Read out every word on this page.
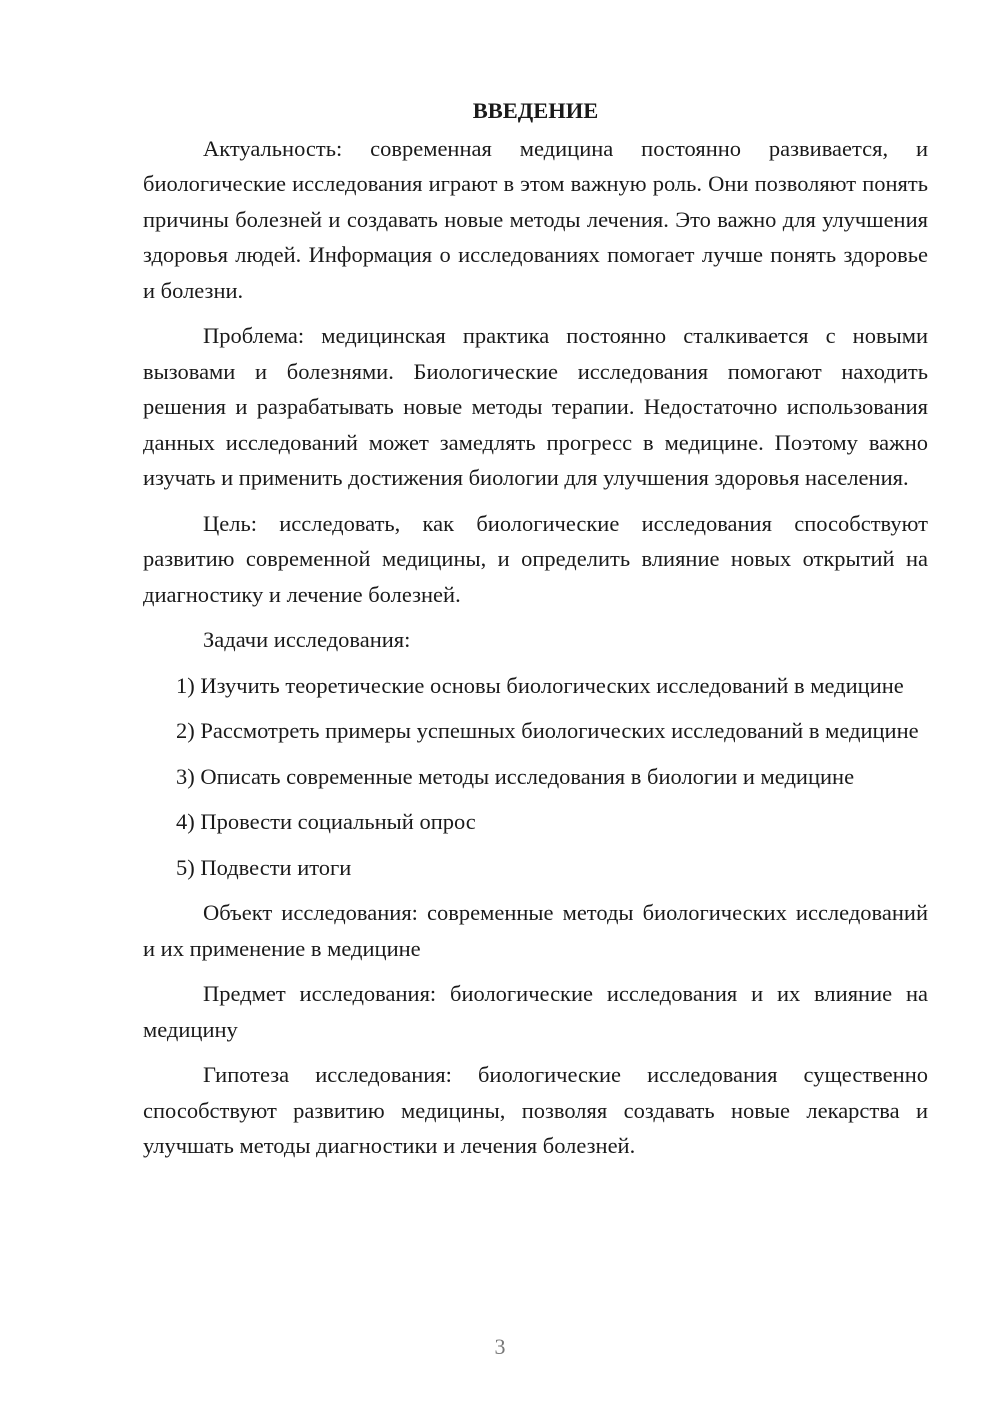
ВВЕДЕНИЕ

Актуальность: современная медицина постоянно развивается, и биологические исследования играют в этом важную роль. Они позволяют понять причины болезней и создавать новые методы лечения. Это важно для улучшения здоровья людей. Информация о исследованиях помогает лучше понять здоровье и болезни.

Проблема: медицинская практика постоянно сталкивается с новыми вызовами и болезнями. Биологические исследования помогают находить решения и разрабатывать новые методы терапии. Недостаточно использования данных исследований может замедлять прогресс в медицине. Поэтому важно изучать и применить достижения биологии для улучшения здоровья населения.

Цель: исследовать, как биологические исследования способствуют развитию современной медицины, и определить влияние новых открытий на диагностику и лечение болезней.

Задачи исследования:

1) Изучить теоретические основы биологических исследований в медицине

2) Рассмотреть примеры успешных биологических исследований в медицине

3) Описать современные методы исследования в биологии и медицине

4) Провести социальный опрос

5) Подвести итоги

Объект исследования: современные методы биологических исследований и их применение в медицине

Предмет исследования: биологические исследования и их влияние на медицину

Гипотеза исследования: биологические исследования существенно способствуют развитию медицины, позволяя создавать новые лекарства и улучшать методы диагностики и лечения болезней.

3
